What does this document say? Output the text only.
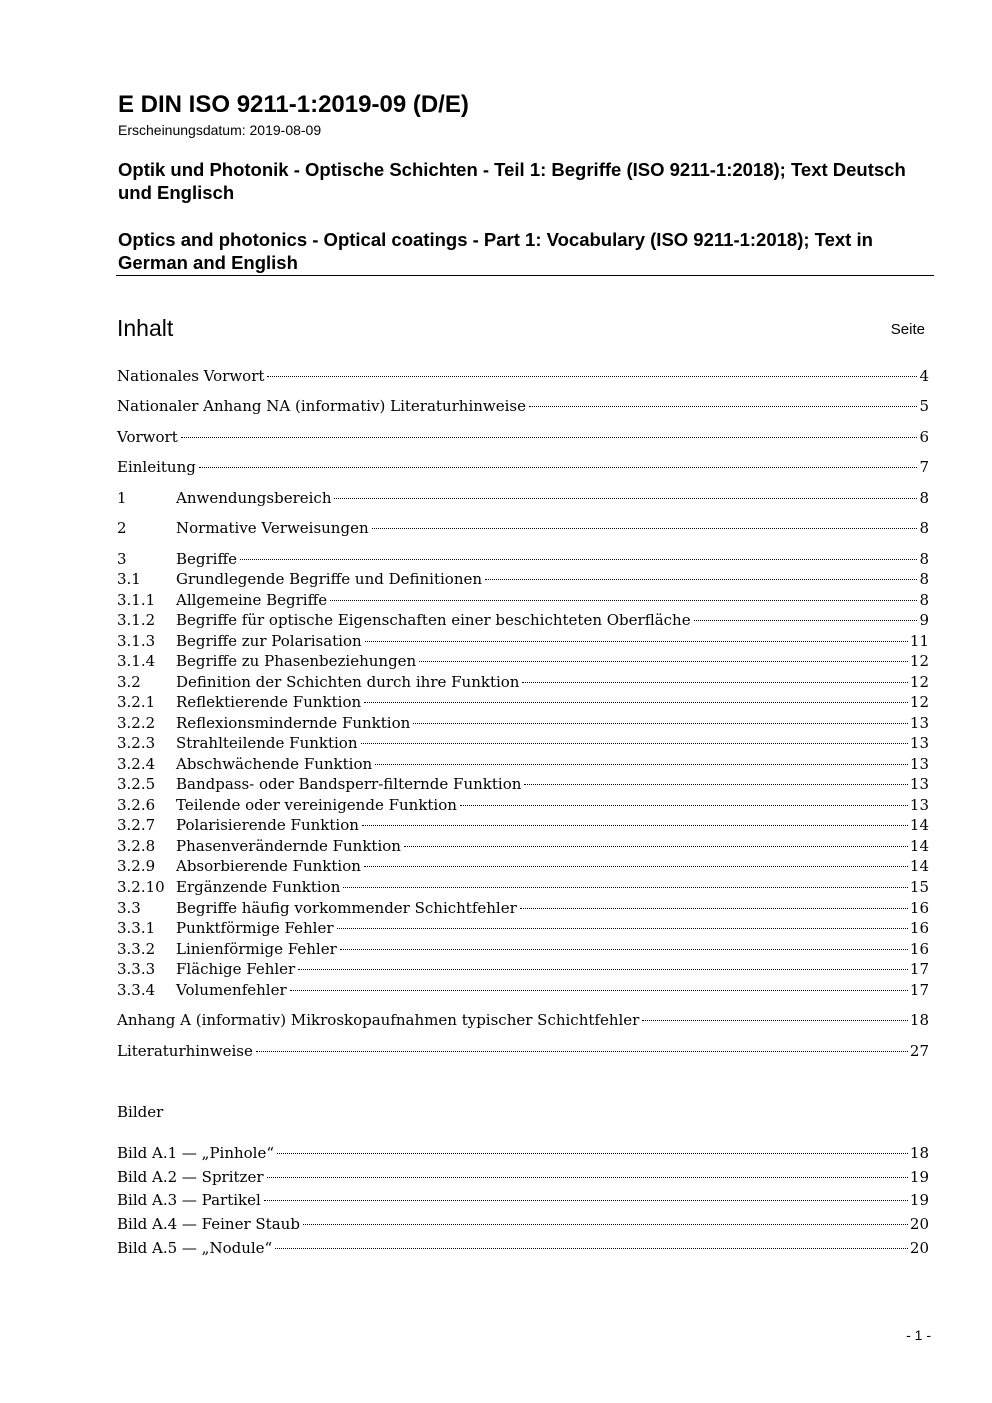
E DIN ISO 9211-1:2019-09 (D/E)
Erscheinungsdatum: 2019-08-09
Optik und Photonik - Optische Schichten - Teil 1: Begriffe (ISO 9211-1:2018); Text Deutsch und Englisch
Optics and photonics - Optical coatings - Part 1: Vocabulary (ISO 9211-1:2018); Text in German and English
Inhalt	Seite
Nationales Vorwort	4
Nationaler Anhang NA (informativ) Literaturhinweise	5
Vorwort	6
Einleitung	7
1	Anwendungsbereich	8
2	Normative Verweisungen	8
3	Begriffe	8
3.1	Grundlegende Begriffe und Definitionen	8
3.1.1	Allgemeine Begriffe	8
3.1.2	Begriffe für optische Eigenschaften einer beschichteten Oberfläche	9
3.1.3	Begriffe zur Polarisation	11
3.1.4	Begriffe zu Phasenbeziehungen	12
3.2	Definition der Schichten durch ihre Funktion	12
3.2.1	Reflektierende Funktion	12
3.2.2	Reflexionsmindernde Funktion	13
3.2.3	Strahlteilende Funktion	13
3.2.4	Abschwächende Funktion	13
3.2.5	Bandpass- oder Bandsperr-filternde Funktion	13
3.2.6	Teilende oder vereinigende Funktion	13
3.2.7	Polarisierende Funktion	14
3.2.8	Phasenverändernde Funktion	14
3.2.9	Absorbierende Funktion	14
3.2.10 Ergänzende Funktion	15
3.3	Begriffe häufig vorkommender Schichtfehler	16
3.3.1	Punktförmige Fehler	16
3.3.2	Linienförmige Fehler	16
3.3.3	Flächige Fehler	17
3.3.4	Volumenfehler	17
Anhang A (informativ) Mikroskopaufnahmen typischer Schichtfehler	18
Literaturhinweise	27
Bilder
Bild A.1 — „Pinhole“	18
Bild A.2 — Spritzer	19
Bild A.3 — Partikel	19
Bild A.4 — Feiner Staub	20
Bild A.5 — „Nodule“	20
- 1 -
